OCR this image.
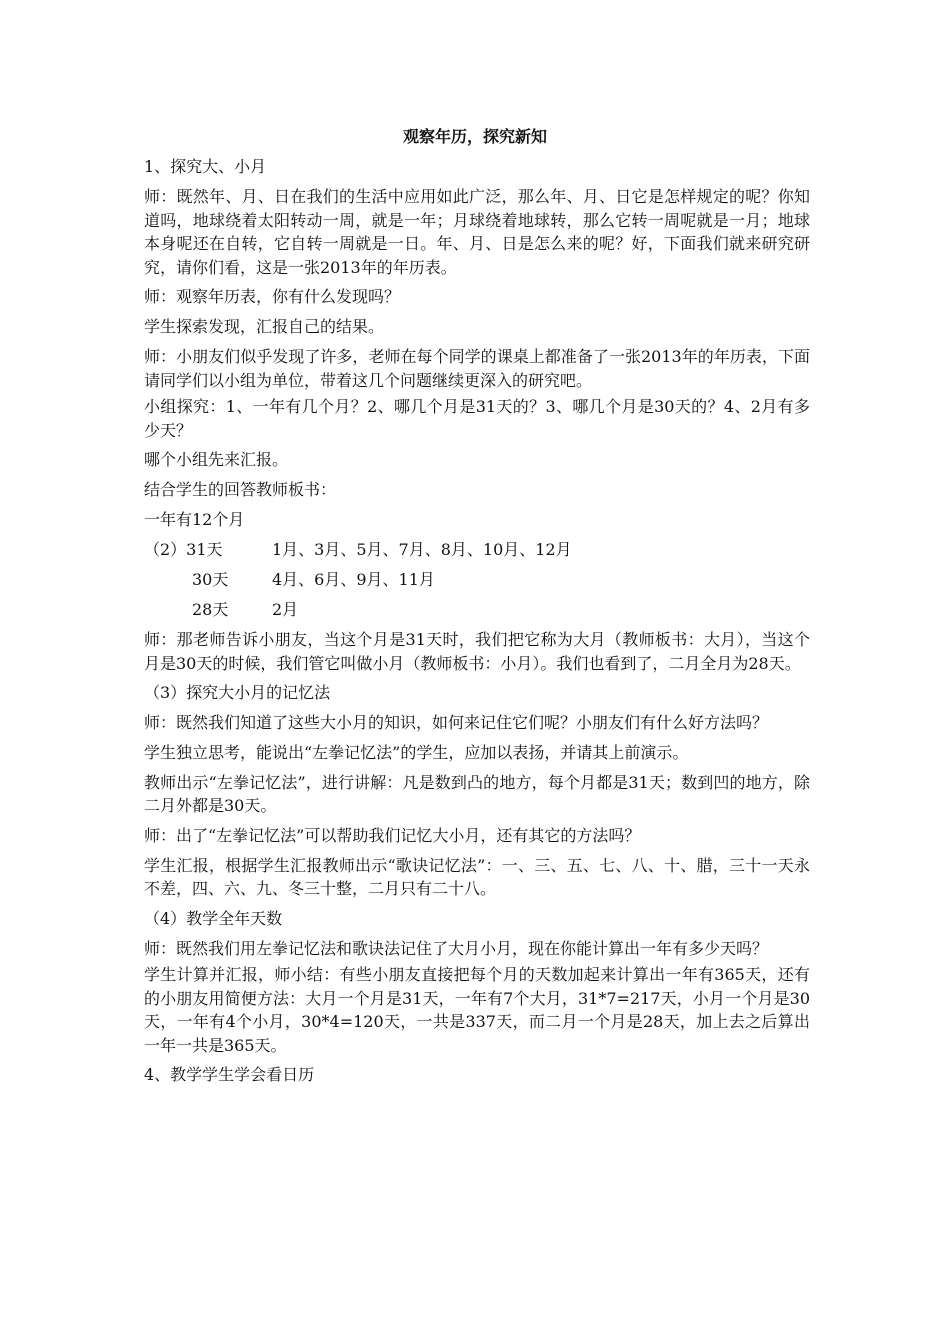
观察年历，探究新知
1、探究大、小月
师：既然年、月、日在我们的生活中应用如此广泛，那么年、月、日它是怎样规定的呢？你知道吗，地球绕着太阳转动一周，就是一年；月球绕着地球转，那么它转一周呢就是一月；地球本身呢还在自转，它自转一周就是一日。年、月、日是怎么来的呢？好，下面我们就来研究研究，请你们看，这是一张2013年的年历表。
师：观察年历表，你有什么发现吗？
学生探索发现，汇报自己的结果。
师：小朋友们似乎发现了许多，老师在每个同学的课桌上都准备了一张2013年的年历表，下面请同学们以小组为单位，带着这几个问题继续更深入的研究吧。
小组探究：1、一年有几个月？2、哪几个月是31天的？3、哪几个月是30天的？4、2月有多少天？
哪个小组先来汇报。
结合学生的回答教师板书：
一年有12个月
（2）31天	1月、3月、5月、7月、8月、10月、12月
30天	4月、6月、9月、11月
28天	2月
师：那老师告诉小朋友，当这个月是31天时，我们把它称为大月（教师板书：大月），当这个月是30天的时候，我们管它叫做小月（教师板书：小月）。我们也看到了，二月全月为28天。
（3）探究大小月的记忆法
师：既然我们知道了这些大小月的知识，如何来记住它们呢？小朋友们有什么好方法吗？
学生独立思考，能说出“左拳记忆法”的学生，应加以表扬，并请其上前演示。
教师出示“左拳记忆法”，进行讲解：凡是数到凸的地方，每个月都是31天；数到凹的地方，除二月外都是30天。
师：出了“左拳记忆法”可以帮助我们记忆大小月，还有其它的方法吗？
学生汇报，根据学生汇报教师出示“歌诀记忆法”：一、三、五、七、八、十、腊，三十一天永不差，四、六、九、冬三十整，二月只有二十八。
（4）教学全年天数
师：既然我们用左拳记忆法和歌诀法记住了大月小月，现在你能计算出一年有多少天吗？
学生计算并汇报，师小结：有些小朋友直接把每个月的天数加起来计算出一年有365天，还有的小朋友用简便方法：大月一个月是31天，一年有7个大月，31*7=217天，小月一个月是30天，一年有4个小月，30*4=120天，一共是337天，而二月一个月是28天，加上去之后算出一年一共是365天。
4、教学学生学会看日历
